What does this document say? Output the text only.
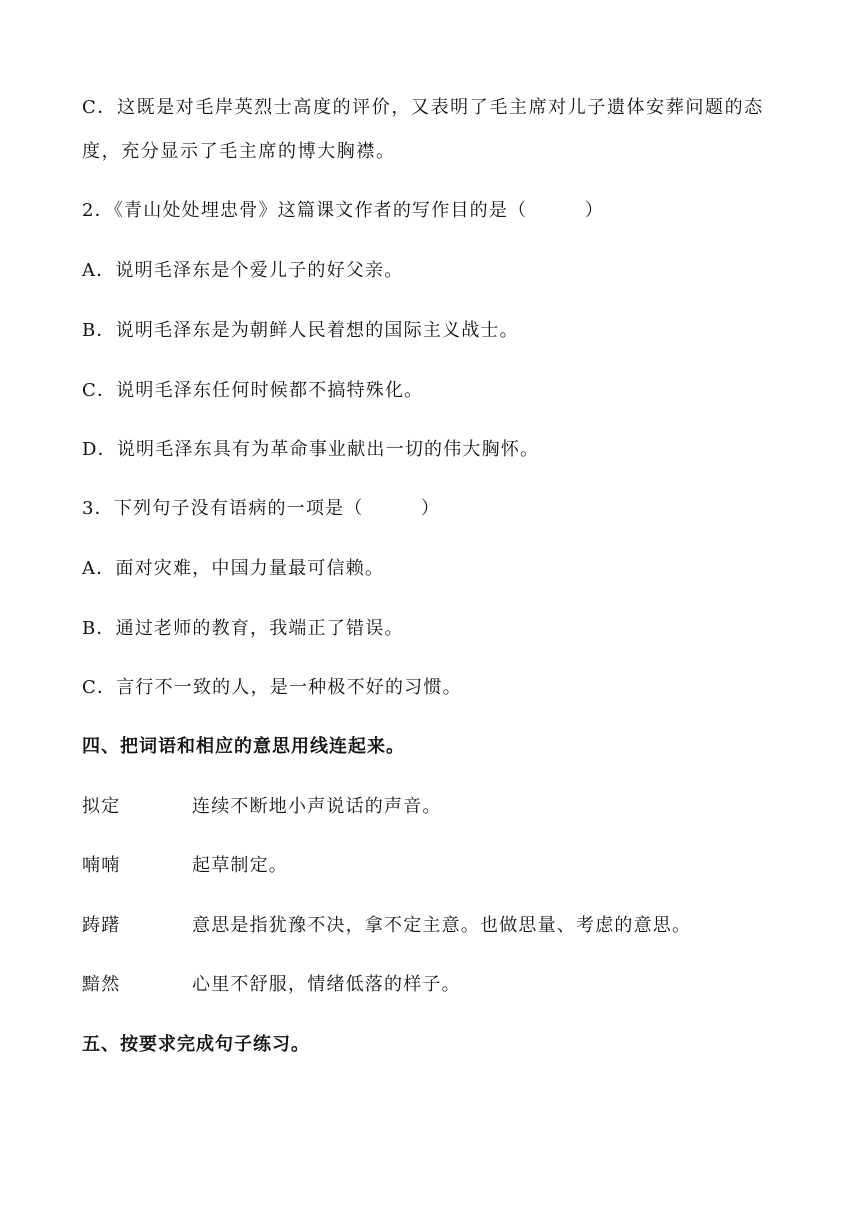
C．这既是对毛岸英烈士高度的评价，又表明了毛主席对儿子遗体安葬问题的态度，充分显示了毛主席的博大胸襟。
2．《青山处处埋忠骨》这篇课文作者的写作目的是（　　　）
A．说明毛泽东是个爱儿子的好父亲。
B．说明毛泽东是为朝鲜人民着想的国际主义战士。
C．说明毛泽东任何时候都不搞特殊化。
D．说明毛泽东具有为革命事业献出一切的伟大胸怀。
3．下列句子没有语病的一项是（　　　）
A．面对灾难，中国力量最可信赖。
B．通过老师的教育，我端正了错误。
C．言行不一致的人，是一种极不好的习惯。
四、把词语和相应的意思用线连起来。
拟定	连续不断地小声说话的声音。
喃喃	起草制定。
踌躇	意思是指犹豫不决，拿不定主意。也做思量、考虑的意思。
黯然	心里不舒服，情绪低落的样子。
五、按要求完成句子练习。
